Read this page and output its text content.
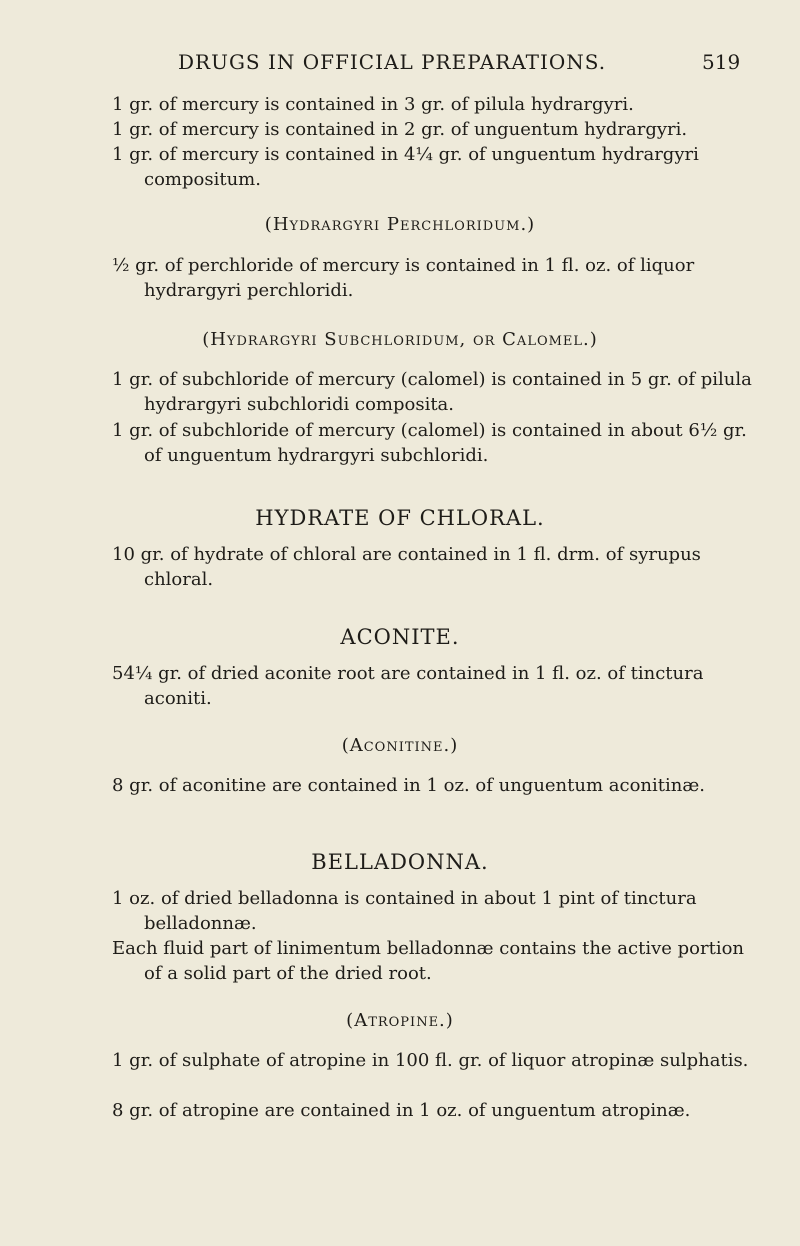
DRUGS IN OFFICIAL PREPARATIONS.	519
1 gr. of mercury is contained in 3 gr. of pilula hydrargyri.
1 gr. of mercury is contained in 2 gr. of unguentum hydrargyri.
1 gr. of mercury is contained in 4¼ gr. of unguentum hydrargyri compositum.
(Hydrargyri Perchloridum.)
½ gr. of perchloride of mercury is contained in 1 fl. oz. of liquor hydrargyri perchloridi.
(Hydrargyri Subchloridum, or Calomel.)
1 gr. of subchloride of mercury (calomel) is contained in 5 gr. of pilula hydrargyri subchloridi composita.
1 gr. of subchloride of mercury (calomel) is contained in about 6½ gr. of unguentum hydrargyri subchloridi.
HYDRATE OF CHLORAL.
10 gr. of hydrate of chloral are contained in 1 fl. drm. of syrupus chloral.
ACONITE.
54¼ gr. of dried aconite root are contained in 1 fl. oz. of tinctura aconiti.
(Aconitine.)
8 gr. of aconitine are contained in 1 oz. of unguentum aconitinæ.
BELLADONNA.
1 oz. of dried belladonna is contained in about 1 pint of tinctura belladonnæ.
Each fluid part of linimentum belladonnæ contains the active portion of a solid part of the dried root.
(Atropine.)
1 gr. of sulphate of atropine in 100 fl. gr. of liquor atropinæ sulphatis.
8 gr. of atropine are contained in 1 oz. of unguentum atropinæ.
